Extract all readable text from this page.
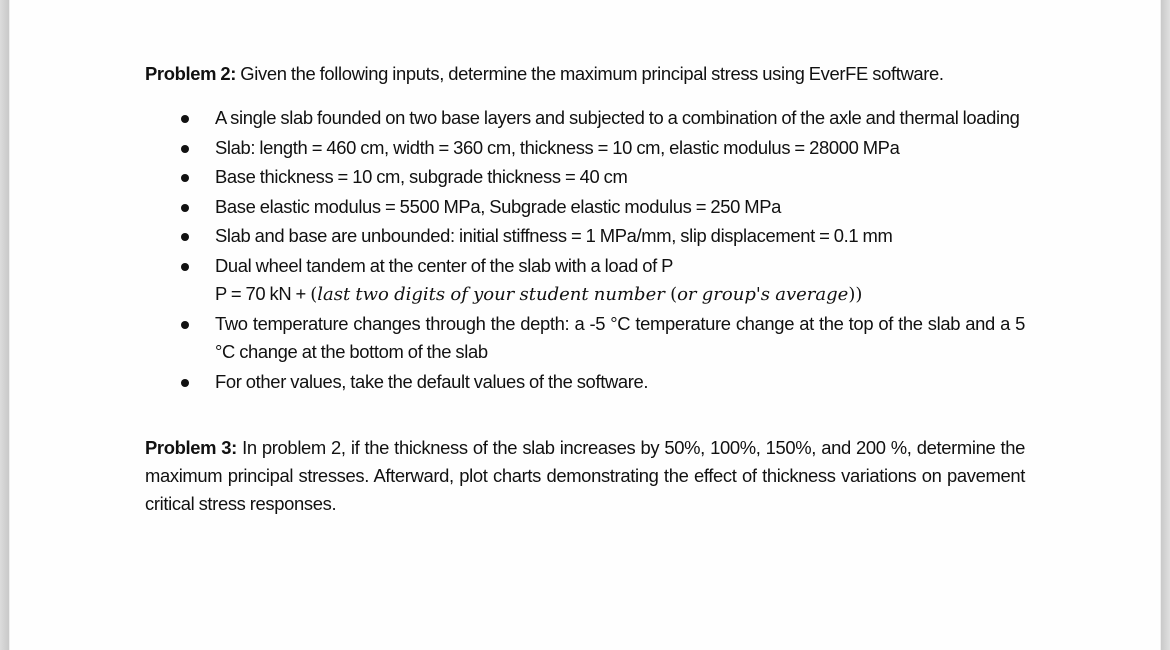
Problem 2: Given the following inputs, determine the maximum principal stress using EverFE software.

A single slab founded on two base layers and subjected to a combination of the axle and thermal loading
Slab: length = 460 cm, width = 360 cm, thickness = 10 cm, elastic modulus = 28000 MPa
Base thickness = 10 cm, subgrade thickness = 40 cm
Base elastic modulus = 5500 MPa, Subgrade elastic modulus = 250 MPa
Slab and base are unbounded: initial stiffness = 1 MPa/mm, slip displacement = 0.1 mm
Dual wheel tandem at the center of the slab with a load of P
P = 70 kN + (last two digits of your student number (or group's average))
Two temperature changes through the depth: a -5 °C temperature change at the top of the slab and a 5 °C change at the bottom of the slab
For other values, take the default values of the software.

Problem 3: In problem 2, if the thickness of the slab increases by 50%, 100%, 150%, and 200 %, determine the maximum principal stresses. Afterward, plot charts demonstrating the effect of thickness variations on pavement critical stress responses.
